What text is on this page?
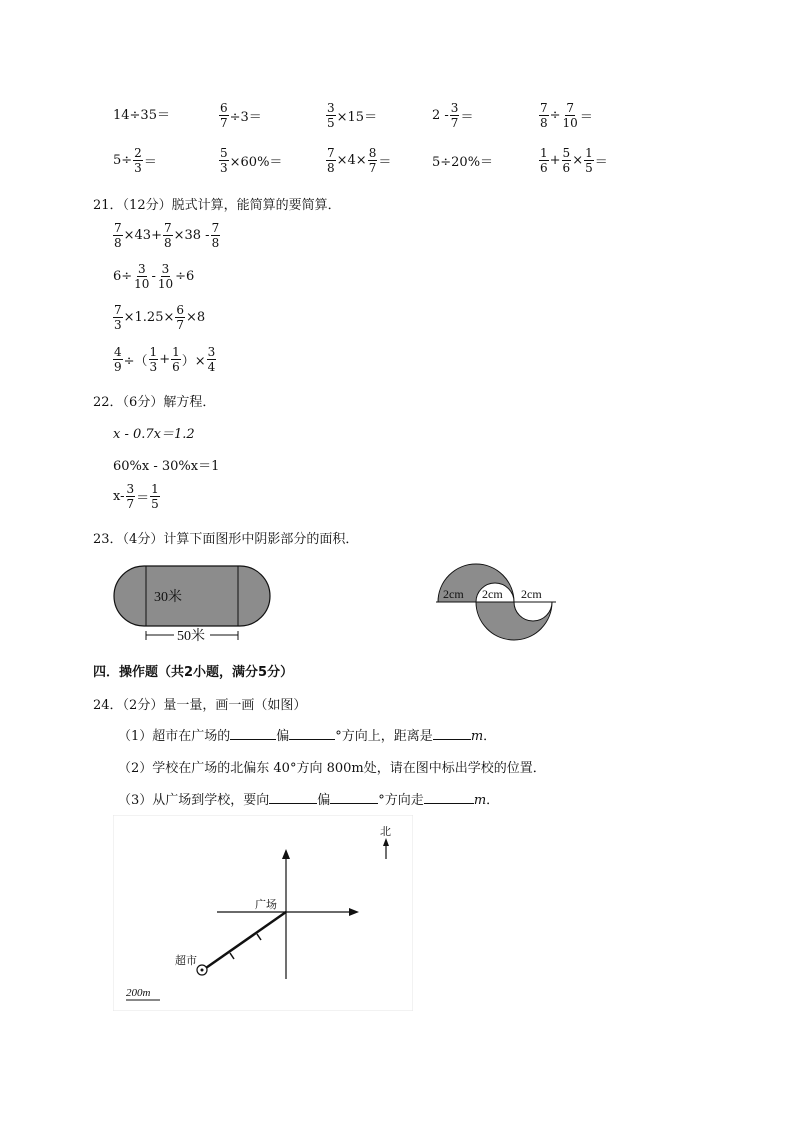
14÷35＝	$\frac{6}{7} \div 3=$	$\frac{3}{5} \times 15=$	$2 - \frac{3}{7}$ ＝	$\frac{7}{8} \div \frac{7}{10}$ ＝
$5\div \frac{2}{3}$ ＝	$\frac{5}{3} \times 60\%=$	$\frac{7}{8} \times 4\times \frac{8}{7}$ ＝	5÷20%＝	$\frac{1}{6} + \frac{5}{6} \times \frac{1}{5}$ ＝
21．（12分）脱式计算，能简算的要简算．
$\frac{7}{8} \times 43+ \frac{7}{8} \times 38 - \frac{7}{8}$
$6\div \frac{3}{10} - \frac{3}{10} \div 6$
$\frac{7}{3} \times 1.25\times \frac{6}{7} \times 8$
$\frac{4}{9}$ ÷（ $\frac{1}{3} + \frac{1}{6}$ ）× $\frac{3}{4}$
22．（6分）解方程．
x - 0.7x＝1.2
60%x - 30%x＝1
$x- \frac{3}{7} = \frac{1}{5}$
23．（4分）计算下面图形中阴影部分的面积．
30米
50米
2cm 2cm 2cm
四．操作题（共2小题，满分5分）
24．（2分）量一量，画一画（如图）
（1）超市在广场的	偏	°方向上，距离是	m．
（2）学校在广场的北偏东 40°方向 800m处，请在图中标出学校的位置．
（3）从广场到学校，要向	偏	°方向走	m．
北
广场
超市
200m
